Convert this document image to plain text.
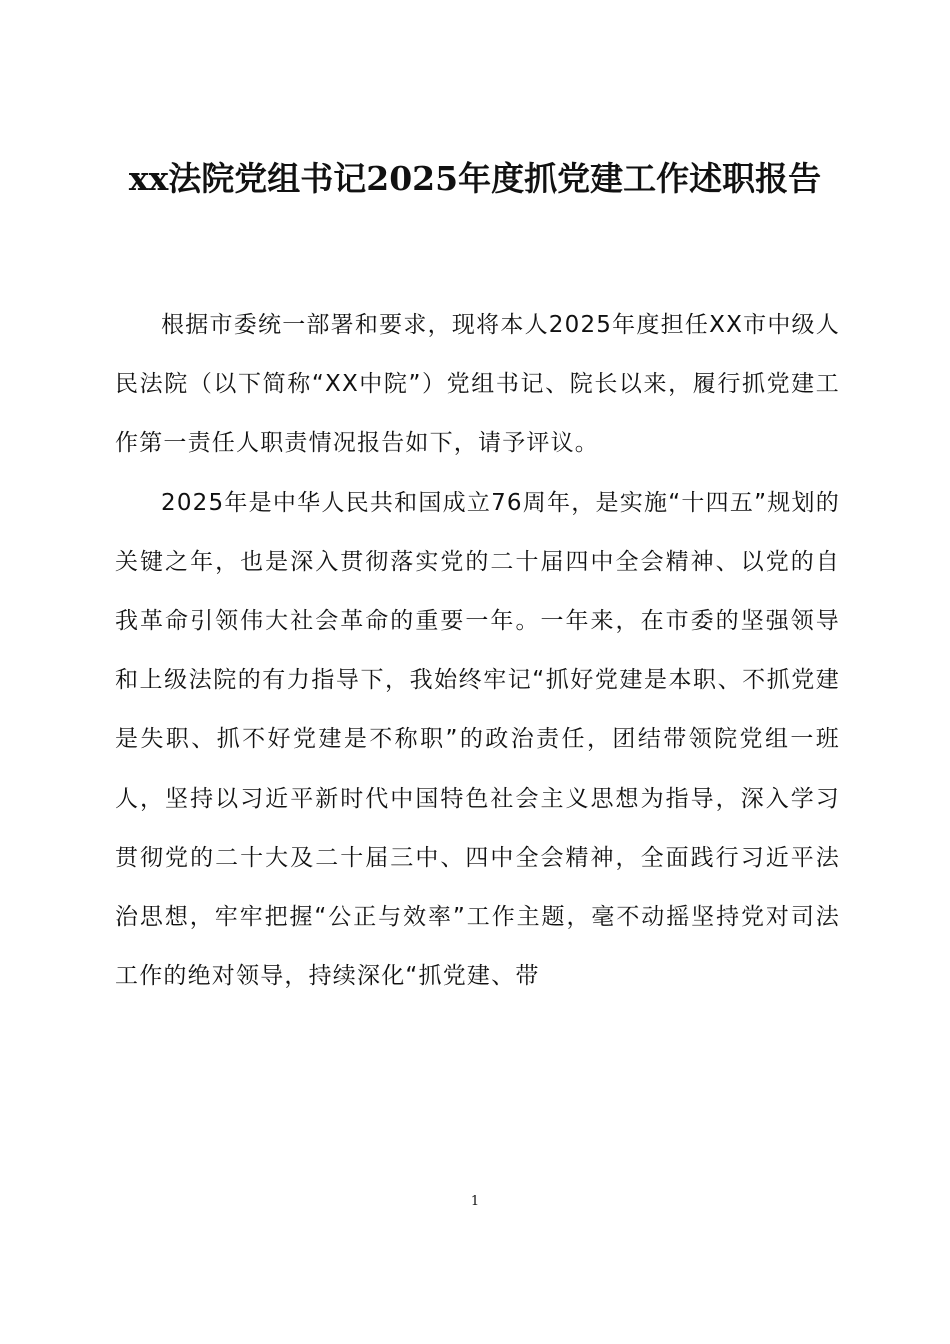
xx法院党组书记2025年度抓党建工作述职报告

根据市委统一部署和要求，现将本人2025年度担任XX市中级人民法院（以下简称“XX中院”）党组书记、院长以来，履行抓党建工作第一责任人职责情况报告如下，请予评议。

2025年是中华人民共和国成立76周年，是实施“十四五”规划的关键之年，也是深入贯彻落实党的二十届四中全会精神、以党的自我革命引领伟大社会革命的重要一年。一年来，在市委的坚强领导和上级法院的有力指导下，我始终牢记“抓好党建是本职、不抓党建是失职、抓不好党建是不称职”的政治责任，团结带领院党组一班人，坚持以习近平新时代中国特色社会主义思想为指导，深入学习贯彻党的二十大及二十届三中、四中全会精神，全面践行习近平法治思想，牢牢把握“公正与效率”工作主题，毫不动摇坚持党对司法工作的绝对领导，持续深化“抓党建、带

1
